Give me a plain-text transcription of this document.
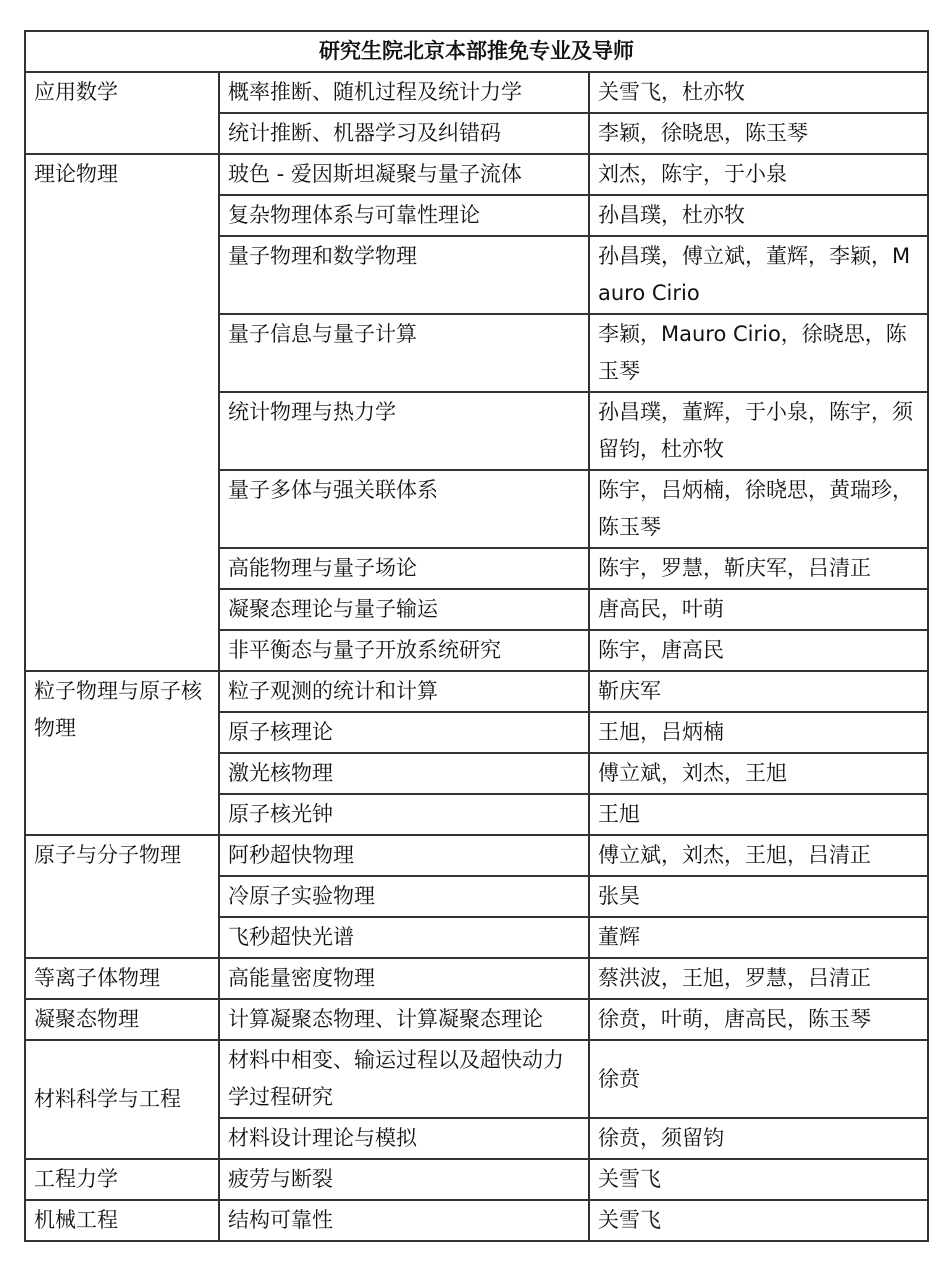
研究生院北京本部推免专业及导师		
应用数学	概率推断、随机过程及统计力学	关雪飞，杜亦牧
	统计推断、机器学习及纠错码	李颖，徐晓思，陈玉琴
理论物理	玻色 - 爱因斯坦凝聚与量子流体	刘杰，陈宇，于小泉
	复杂物理体系与可靠性理论	孙昌璞，杜亦牧
	量子物理和数学物理	孙昌璞，傅立斌，董辉，李颖，Mauro Cirio
	量子信息与量子计算	李颖，Mauro Cirio，徐晓思，陈玉琴
	统计物理与热力学	孙昌璞，董辉，于小泉，陈宇，须留钧，杜亦牧
	量子多体与强关联体系	陈宇，吕炳楠，徐晓思，黄瑞珍，陈玉琴
	高能物理与量子场论	陈宇，罗慧，靳庆军，吕清正
	凝聚态理论与量子输运	唐高民，叶萌
	非平衡态与量子开放系统研究	陈宇，唐高民
粒子物理与原子核物理	粒子观测的统计和计算	靳庆军
	原子核理论	王旭，吕炳楠
	激光核物理	傅立斌，刘杰，王旭
	原子核光钟	王旭
原子与分子物理	阿秒超快物理	傅立斌，刘杰，王旭，吕清正
	冷原子实验物理	张昊
	飞秒超快光谱	董辉
等离子体物理	高能量密度物理	蔡洪波，王旭，罗慧，吕清正
凝聚态物理	计算凝聚态物理、计算凝聚态理论	徐贲，叶萌，唐高民，陈玉琴
材料科学与工程	材料中相变、输运过程以及超快动力学过程研究	徐贲
	材料设计理论与模拟	徐贲，须留钧
工程力学	疲劳与断裂	关雪飞
机械工程	结构可靠性	关雪飞
